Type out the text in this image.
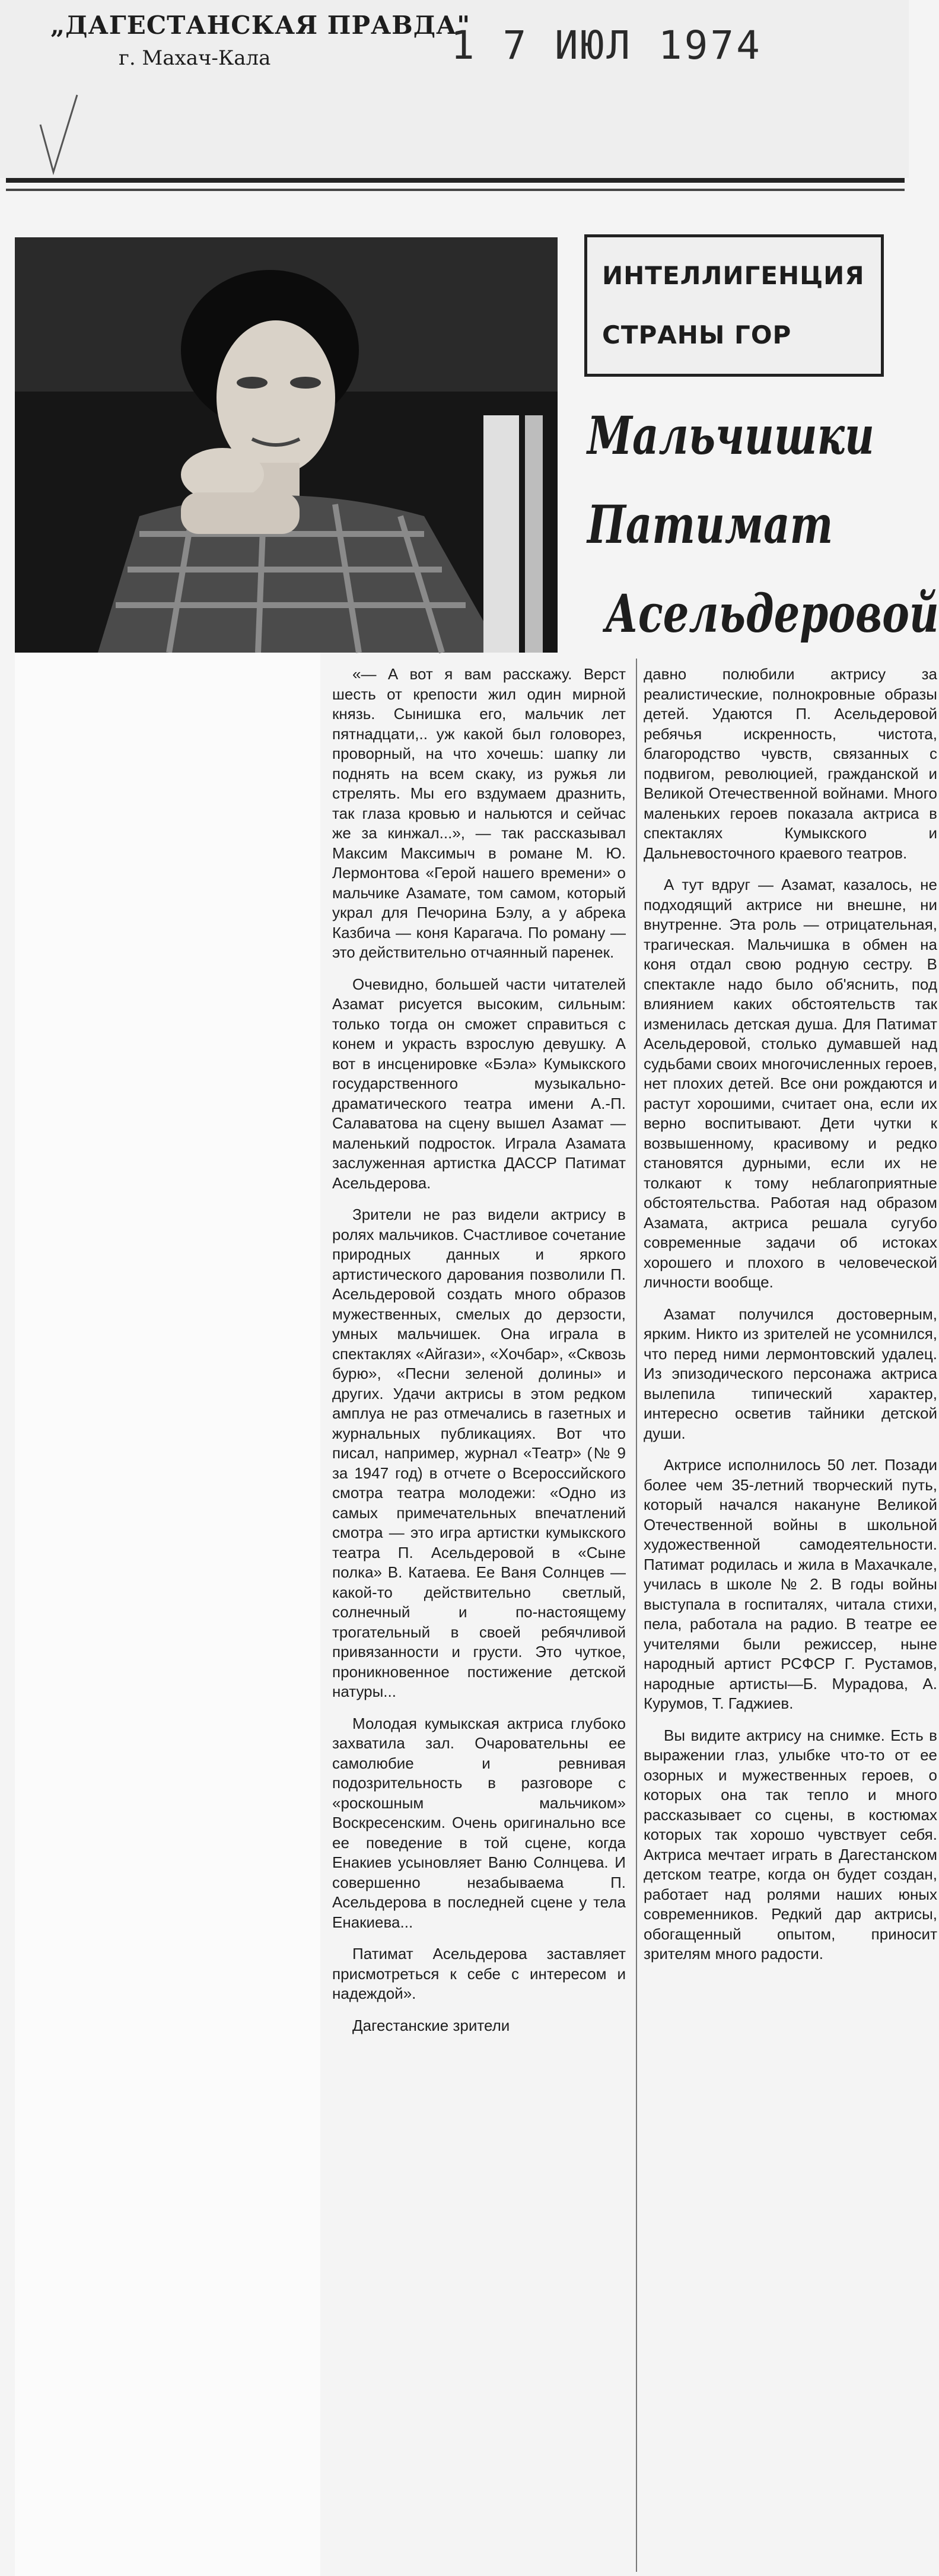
„ДАГЕСТАНСКАЯ ПРАВДА"
г. Махач-Кала	1 7 ИЮЛ 1974
ИНТЕЛЛИГЕНЦИЯ
СТРАНЫ ГОР
Мальчишки
Патимат
Асельдеровой

«— А вот я вам расскажу. Верст шесть от крепости жил один мирной князь. Сынишка его, мальчик лет пятнадцати,.. уж какой был головорез, проворный, на что хочешь: шапку ли поднять на всем скаку, из ружья ли стрелять. Мы его вздумаем дразнить, так глаза кровью и нальются и сейчас же за кинжал...», — так рассказывал Максим Максимыч в романе М. Ю. Лермонтова «Герой нашего времени» о мальчике Азамате, том самом, который украл для Печорина Бэлу, а у абрека Казбича — коня Карагача. По роману — это действительно отчаянный паренек.

Очевидно, большей части читателей Азамат рисуется высоким, сильным: только тогда он сможет справиться с конем и украсть взрослую девушку. А вот в инсценировке «Бэла» Кумыкского государственного музыкально-драматического театра имени А.-П. Салаватова на сцену вышел Азамат — маленький подросток. Играла Азамата заслуженная артистка ДАССР Патимат Асельдерова.

Зрители не раз видели актрису в ролях мальчиков. Счастливое сочетание природных данных и яркого артистического дарования позволили П. Асельдеровой создать много образов мужественных, смелых до дерзости, умных мальчишек. Она играла в спектаклях «Айгази», «Хочбар», «Сквозь бурю», «Песни зеленой долины» и других. Удачи актрисы в этом редком амплуа не раз отмечались в газетных и журнальных публикациях. Вот что писал, например, журнал «Театр» (№ 9 за 1947 год) в отчете о Всероссийского смотра театра молодежи: «Одно из самых примечательных впечатлений смотра — это игра артистки кумыкского театра П. Асельдеровой в «Сыне полка» В. Катаева. Ее Ваня Солнцев — какой-то действительно светлый, солнечный и по-настоящему трогательный в своей ребячливой привязанности и грусти. Это чуткое, проникновенное постижение детской натуры...

Молодая кумыкская актриса глубоко захватила зал. Очаровательны ее самолюбие и ревнивая подозрительность в разговоре с «роскошным мальчиком» Воскресенским. Очень оригинально все ее поведение в той сцене, когда Енакиев усыновляет Ваню Солнцева. И совершенно незабываема П. Асельдерова в последней сцене у тела Енакиева...

Патимат Асельдерова заставляет присмотреться к себе с интересом и надеждой».

Дагестанские зрители

давно полюбили актрису за реалистические, полнокровные образы детей. Удаются П. Асельдеровой ребячья искренность, чистота, благородство чувств, связанных с подвигом, революцией, гражданской и Великой Отечественной войнами. Много маленьких героев показала актриса в спектаклях Кумыкского и Дальневосточного краевого театров.

А тут вдруг — Азамат, казалось, не подходящий актрисе ни внешне, ни внутренне. Эта роль — отрицательная, трагическая. Мальчишка в обмен на коня отдал свою родную сестру. В спектакле надо было об'яснить, под влиянием каких обстоятельств так изменилась детская душа. Для Патимат Асельдеровой, столько думавшей над судьбами своих многочисленных героев, нет плохих детей. Все они рождаются и растут хорошими, считает она, если их верно воспитывают. Дети чутки к возвышенному, красивому и редко становятся дурными, если их не толкают к тому неблагоприятные обстоятельства. Работая над образом Азамата, актриса решала сугубо современные задачи об истоках хорошего и плохого в человеческой личности вообще.

Азамат получился достоверным, ярким. Никто из зрителей не усомнился, что перед ними лермонтовский удалец. Из эпизодического персонажа актриса вылепила типический характер, интересно осветив тайники детской души.

Актрисе исполнилось 50 лет. Позади более чем 35-летний творческий путь, который начался накануне Великой Отечественной войны в школьной художественной самодеятельности. Патимат родилась и жила в Махачкале, училась в школе № 2. В годы войны выступала в госпиталях, читала стихи, пела, работала на радио. В театре ее учителями были режиссер, ныне народный артист РСФСР Г. Рустамов, народные артисты—Б. Мурадова, А. Курумов, Т. Гаджиев.

Вы видите актрису на снимке. Есть в выражении глаз, улыбке что-то от ее озорных и мужественных героев, о которых она так тепло и много рассказывает со сцены, в костюмах которых так хорошо чувствует себя. Актриса мечтает играть в Дагестанском детском театре, когда он будет создан, работает над ролями наших юных современников. Редкий дар актрисы, обогащенный опытом, приносит зрителям много радости.
